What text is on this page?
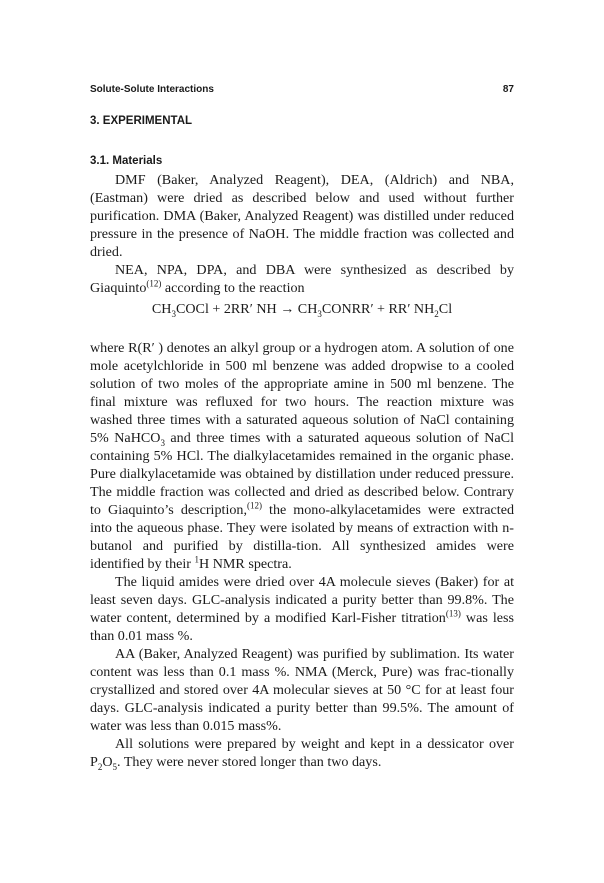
Solute-Solute Interactions	87
3. EXPERIMENTAL
3.1. Materials

DMF (Baker, Analyzed Reagent), DEA, (Aldrich) and NBA, (Eastman) were dried as described below and used without further purification. DMA (Baker, Analyzed Reagent) was distilled under reduced pressure in the presence of NaOH. The middle fraction was collected and dried.

NEA, NPA, DPA, and DBA were synthesized as described by Giaquinto$^{(12)}$ according to the reaction

$CH_3COCl + 2RR'$ NH → $CH_3CONRR' + RR'$ $NH_2Cl$

where R(R′ ) denotes an alkyl group or a hydrogen atom. A solution of one mole acetylchloride in 500 ml benzene was added dropwise to a cooled solution of two moles of the appropriate amine in 500 ml benzene. The final mixture was refluxed for two hours. The reaction mixture was washed three times with a saturated aqueous solution of NaCl containing 5% NaHCO$_3$ and three times with a saturated aqueous solution of NaCl containing 5% HCl. The dialkylacetamides remained in the organic phase. Pure dialkylacetamide was obtained by distillation under reduced pressure. The middle fraction was collected and dried as described below. Contrary to Giaquinto’s description,$^{(12)}$ the mono-alkylacetamides were extracted into the aqueous phase. They were isolated by means of extraction with n-butanol and purified by distilla-tion. All synthesized amides were identified by their $^1$H NMR spectra.

The liquid amides were dried over 4A molecule sieves (Baker) for at least seven days. GLC-analysis indicated a purity better than 99.8%. The water content, determined by a modified Karl-Fisher titration$^{(13)}$ was less than 0.01 mass %.

AA (Baker, Analyzed Reagent) was purified by sublimation. Its water content was less than 0.1 mass %. NMA (Merck, Pure) was frac-tionally crystallized and stored over 4A molecular sieves at 50 °C for at least four days. GLC-analysis indicated a purity better than 99.5%. The amount of water was less than 0.015 mass%.

All solutions were prepared by weight and kept in a dessicator over $P_2O_5$. They were never stored longer than two days.
